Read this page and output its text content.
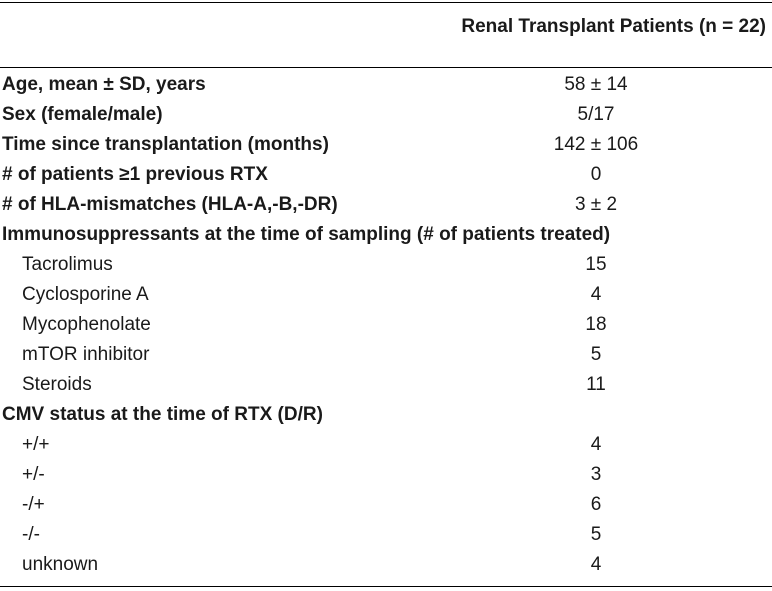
Renal Transplant Patients (n = 22)
Age, mean ± SD, years	58 ± 14
Sex (female/male)	5/17
Time since transplantation (months)	142 ± 106
# of patients ≥1 previous RTX	0
# of HLA-mismatches (HLA-A,-B,-DR)	3 ± 2
Immunosuppressants at the time of sampling (# of patients treated)
Tacrolimus	15
Cyclosporine A	4
Mycophenolate	18
mTOR inhibitor	5
Steroids	11
CMV status at the time of RTX (D/R)
+/+	4
+/-	3
-/+	6
-/-	5
unknown	4
